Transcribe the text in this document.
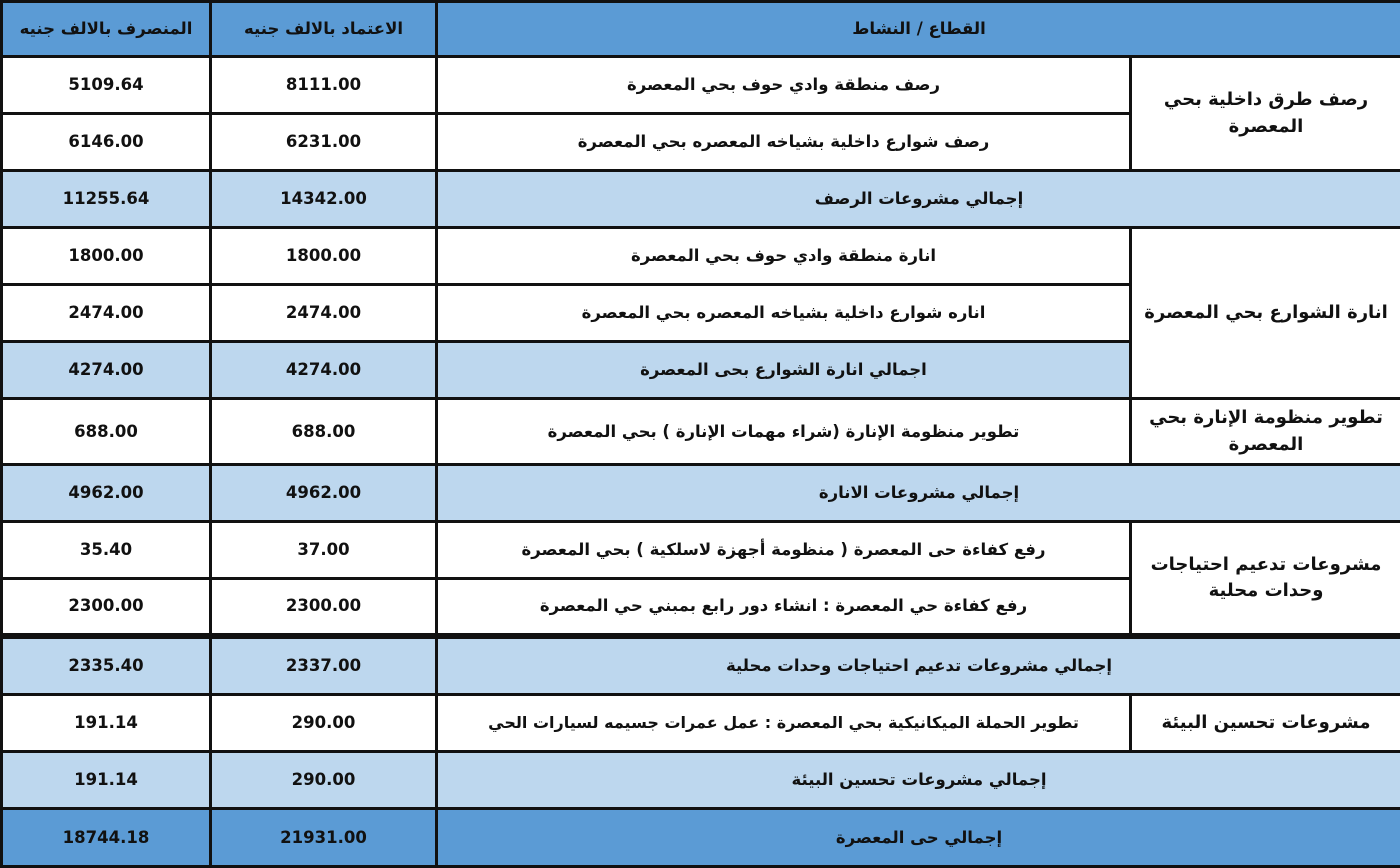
المنصرف بالالف جنيه	الاعتماد بالالف جنيه	القطاع / النشاط	
5109.64	8111.00	رصف منطقة وادي حوف بحي المعصرة	رصف طرق داخلية بحي المعصرة
6146.00	6231.00	رصف شوارع داخلية بشياخه المعصره بحي المعصرة	
11255.64	14342.00	إجمالي مشروعات الرصف	
1800.00	1800.00	انارة منطقة وادي حوف بحي المعصرة	انارة الشوارع بحي المعصرة
2474.00	2474.00	اناره شوارع داخلية بشياخه المعصره بحي المعصرة	
4274.00	4274.00	اجمالي انارة الشوارع بحى المعصرة	
688.00	688.00	تطوير منظومة الإنارة (شراء مهمات الإنارة ) بحي المعصرة	تطوير منظومة الإنارة بحي المعصرة
4962.00	4962.00	إجمالي مشروعات الانارة	
35.40	37.00	رفع كفاءة حى المعصرة ( منظومة أجهزة لاسلكية ) بحي المعصرة	مشروعات تدعيم احتياجات وحدات محلية
2300.00	2300.00	رفع كفاءة حي المعصرة : انشاء دور رابع بمبني حي المعصرة	
2335.40	2337.00	إجمالي مشروعات تدعيم احتياجات وحدات محلية	
191.14	290.00	تطوير الحملة الميكانيكية بحي المعصرة : عمل عمرات جسيمه لسيارات الحي	مشروعات تحسين البيئة
191.14	290.00	إجمالي مشروعات تحسين البيئة	
18744.18	21931.00	إجمالي حى المعصرة	
